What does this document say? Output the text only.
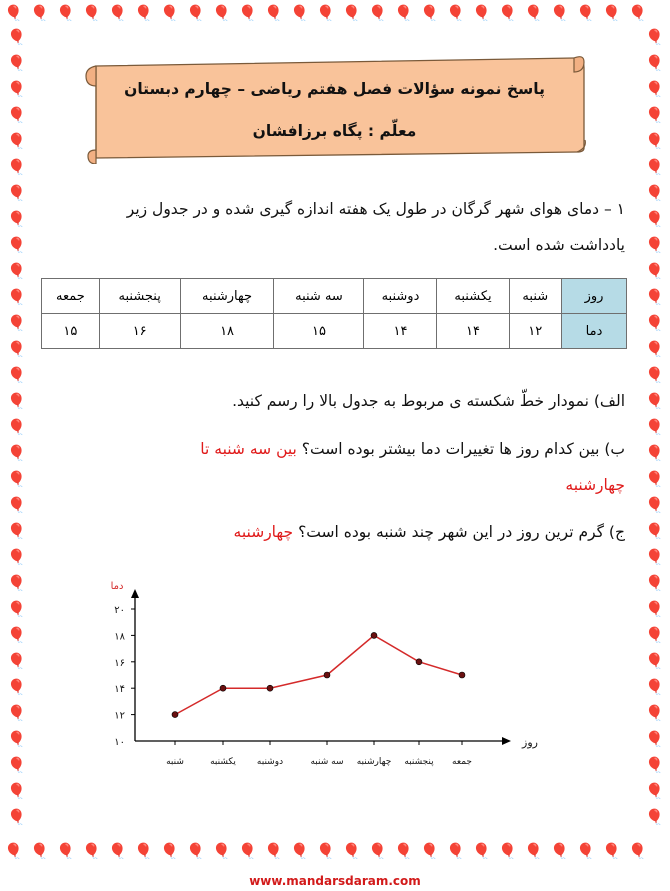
🎈 🎈 🎈 🎈 🎈 🎈 🎈 🎈 🎈 🎈 🎈 🎈 🎈 🎈 🎈 🎈 🎈 🎈 🎈 🎈 🎈 🎈 🎈 🎈 🎈
🎈 🎈 🎈 🎈 🎈 🎈 🎈 🎈 🎈 🎈 🎈 🎈 🎈 🎈 🎈 🎈 🎈 🎈 🎈 🎈 🎈 🎈 🎈 🎈 🎈
🎈
🎈
🎈
🎈
🎈
🎈
🎈
🎈
🎈
🎈
🎈
🎈
🎈
🎈
🎈
🎈
🎈
🎈
🎈
🎈
🎈
🎈
🎈
🎈
🎈
🎈
🎈
🎈
🎈
🎈
🎈
🎈
🎈
🎈
🎈
🎈
🎈
🎈
🎈
🎈
🎈
🎈
🎈
🎈
🎈
🎈
🎈
🎈
🎈
🎈
🎈
🎈
🎈
🎈
🎈
🎈
🎈
🎈
🎈
🎈
🎈
🎈
پاسخ نمونه سؤالات فصل هفتم ریاضی – چهارم دبستان
معلّم : پگاه برزافشان
۱ – دمای هوای شهر گرگان در طول یک هفته اندازه گیری شده و در جدول زیر
یادداشت شده است.
روز	شنبه	یکشنبه	دوشنبه	سه شنبه	چهارشنبه	پنجشنبه	جمعه
دما	۱۲	۱۴	۱۴	۱۵	۱۸	۱۶	۱۵
الف) نمودار خطّ شکسته ی مربوط به جدول بالا را رسم کنید.
ب) بین کدام روز ها تغییرات دما بیشتر بوده است؟ بین سه شنبه تا
چهارشنبه
ج) گرم ترین روز در این شهر چند شنبه بوده است؟ چهارشنبه
دما
روز
۱۰
۱۲
۱۴
۱۶
۱۸
۲۰
شنبه	یکشنبه دوشنبه	سه شنبه چهارشنبه پنجشنبه جمعه
www.mandarsdaram.com
